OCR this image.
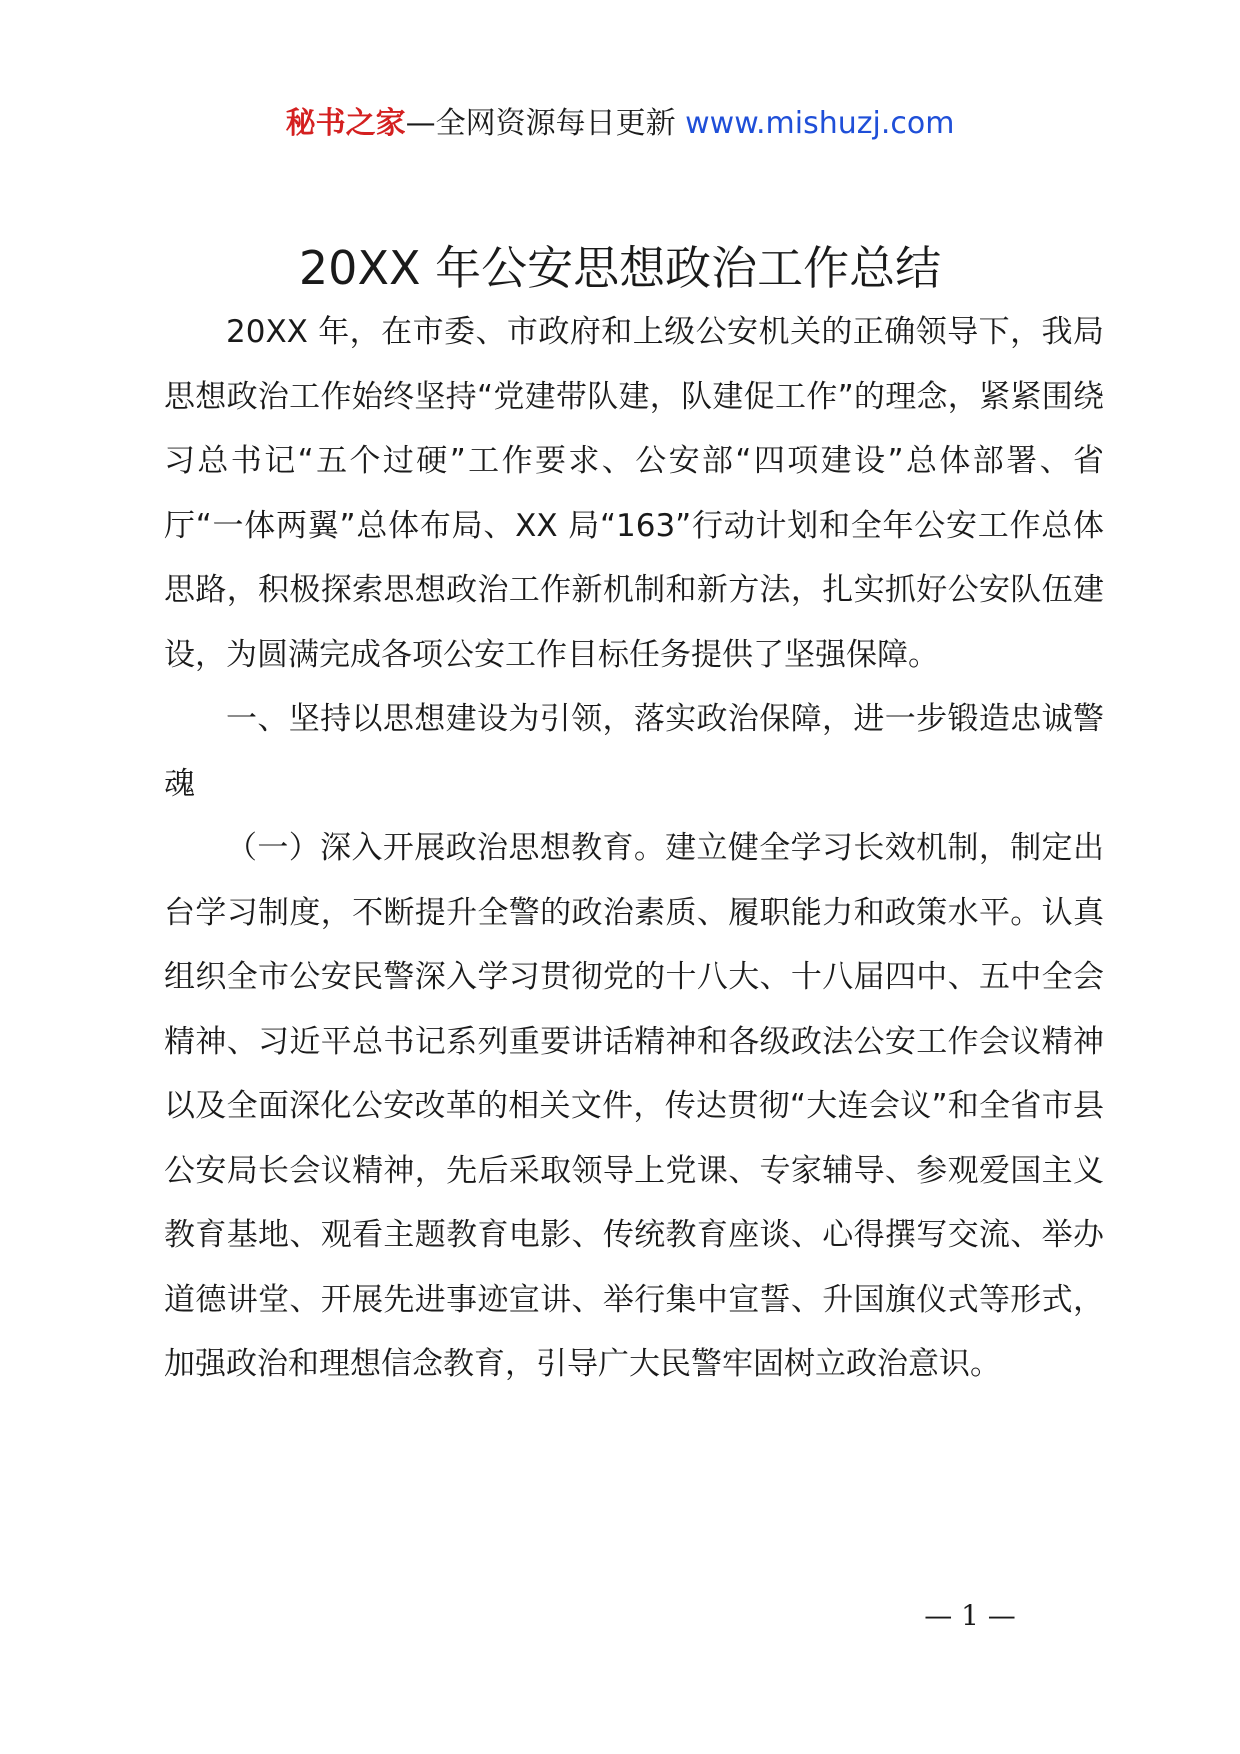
秘书之家—全网资源每日更新 www.mishuzj.com
20XX 年公安思想政治工作总结

20XX 年，在市委、市政府和上级公安机关的正确领导下，我局思想政治工作始终坚持“党建带队建，队建促工作”的理念，紧紧围绕习总书记“五个过硬”工作要求、公安部“四项建设”总体部署、省厅“一体两翼”总体布局、XX 局“163”行动计划和全年公安工作总体思路，积极探索思想政治工作新机制和新方法，扎实抓好公安队伍建设，为圆满完成各项公安工作目标任务提供了坚强保障。

一、坚持以思想建设为引领，落实政治保障，进一步锻造忠诚警魂

（一）深入开展政治思想教育。建立健全学习长效机制，制定出台学习制度，不断提升全警的政治素质、履职能力和政策水平。认真组织全市公安民警深入学习贯彻党的十八大、十八届四中、五中全会精神、习近平总书记系列重要讲话精神和各级政法公安工作会议精神以及全面深化公安改革的相关文件，传达贯彻“大连会议”和全省市县公安局长会议精神，先后采取领导上党课、专家辅导、参观爱国主义教育基地、观看主题教育电影、传统教育座谈、心得撰写交流、举办道德讲堂、开展先进事迹宣讲、举行集中宣誓、升国旗仪式等形式，加强政治和理想信念教育，引导广大民警牢固树立政治意识。

— 1 —
